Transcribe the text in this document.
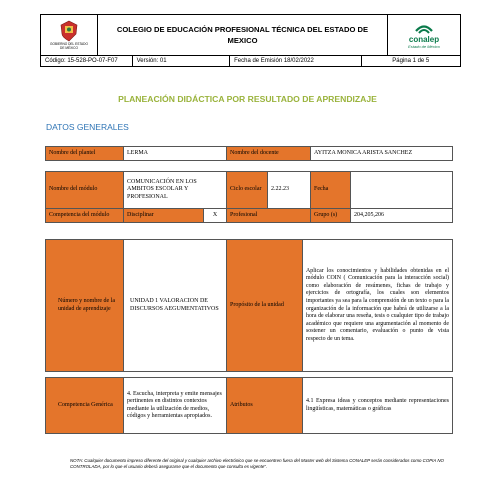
GOBIERNO DEL ESTADO DE MÉXICO
COLEGIO DE EDUCACIÓN PROFESIONAL TÉCNICA DEL ESTADO DE MEXICO	conalep
Estado de México
Código: 15-528-PO-07-F07	Versión: 01	Fecha de Emisión 18/02/2022	Página 1 de 5
PLANEACIÓN DIDÁCTICA POR RESULTADO DE APRENDIZAJE
DATOS GENERALES
Nombre del plantel	LERMA	Nombre del docente	AYITZA MONICA ARISTA SANCHEZ
Nombre del módulo	COMUNICACIÓN EN LOS AMBITOS ESCOLAR Y PROFESIONAL		Ciclo escolar	2.22.23	Fecha	
Competencia del módulo	Disciplinar	X	Profesional		Grupo (s)	204,205,206
Número y nombre de la unidad de aprendizaje	UNIDAD 1 VALORACION DE DISCURSOS AEGUMENTATIVOS	Propósito de la unidad	Aplicar los conocimientos y habilidades obtenidas en el módulo COIN ( Comunicación para la interacción social) como elaboración de resúmenes, fichas de trabajo y ejercicios de ortografía, los cuales son elementos importantes ya sea para la comprensión de un texto o para la organización de la información que habrá de utilizarse a la hora de elaborar una reseña, tesis o cualquier tipo de trabajo académico que requiere una argumentación al momento de sostener un comentario, evaluación o punto de vista respecto de un tema.
Competencia Genérica	4. Escucha, interpreta y emite mensajes pertinentes en distintos contextos mediante la utilización de medios, códigos y herramientas apropiados.	Atributos	4.1 Expresa ideas y conceptos mediante representaciones lingüísticas, matemáticas o gráficas
NOTA: Cualquier documento impreso diferente del original y cualquier archivo electrónico que se encuentren fuera del Master web del Sistema CONALEP serán considerados como COPIA NO CONTROLADA, por lo que el usuario deberá asegurarse que el documento que consulta es vigente".
